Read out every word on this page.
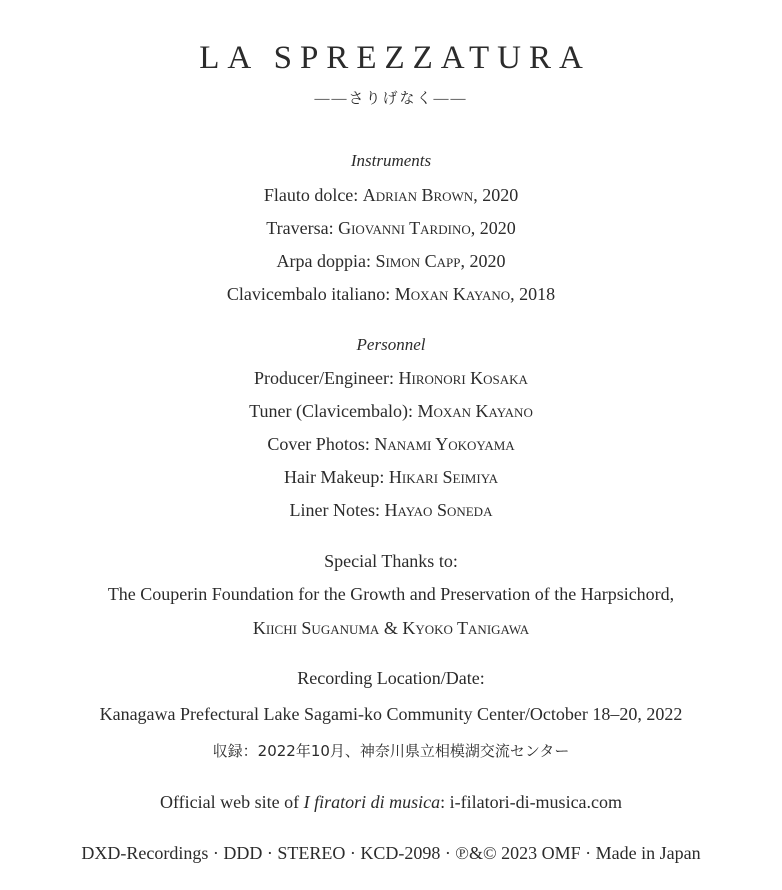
LA SPREZZATURA
——さりげなく——
Instruments
Flauto dolce: Adrian Brown, 2020
Traversa: Giovanni Tardino, 2020
Arpa doppia: Simon Capp, 2020
Clavicembalo italiano: Moxan Kayano, 2018
Personnel
Producer/Engineer: Hironori Kosaka
Tuner (Clavicembalo): Moxan Kayano
Cover Photos: Nanami Yokoyama
Hair Makeup: Hikari Seimiya
Liner Notes: Hayao Soneda
Special Thanks to:
The Couperin Foundation for the Growth and Preservation of the Harpsichord,
Kiichi Suganuma & Kyoko Tanigawa
Recording Location/Date:
Kanagawa Prefectural Lake Sagami-ko Community Center/October 18–20, 2022
収録：2022年10月、神奈川県立相模湖交流センター
Official web site of I firatori di musica: i-filatori-di-musica.com
DXD-Recordings · DDD · STEREO · KCD-2098 · ℗&© 2023 OMF · Made in Japan
